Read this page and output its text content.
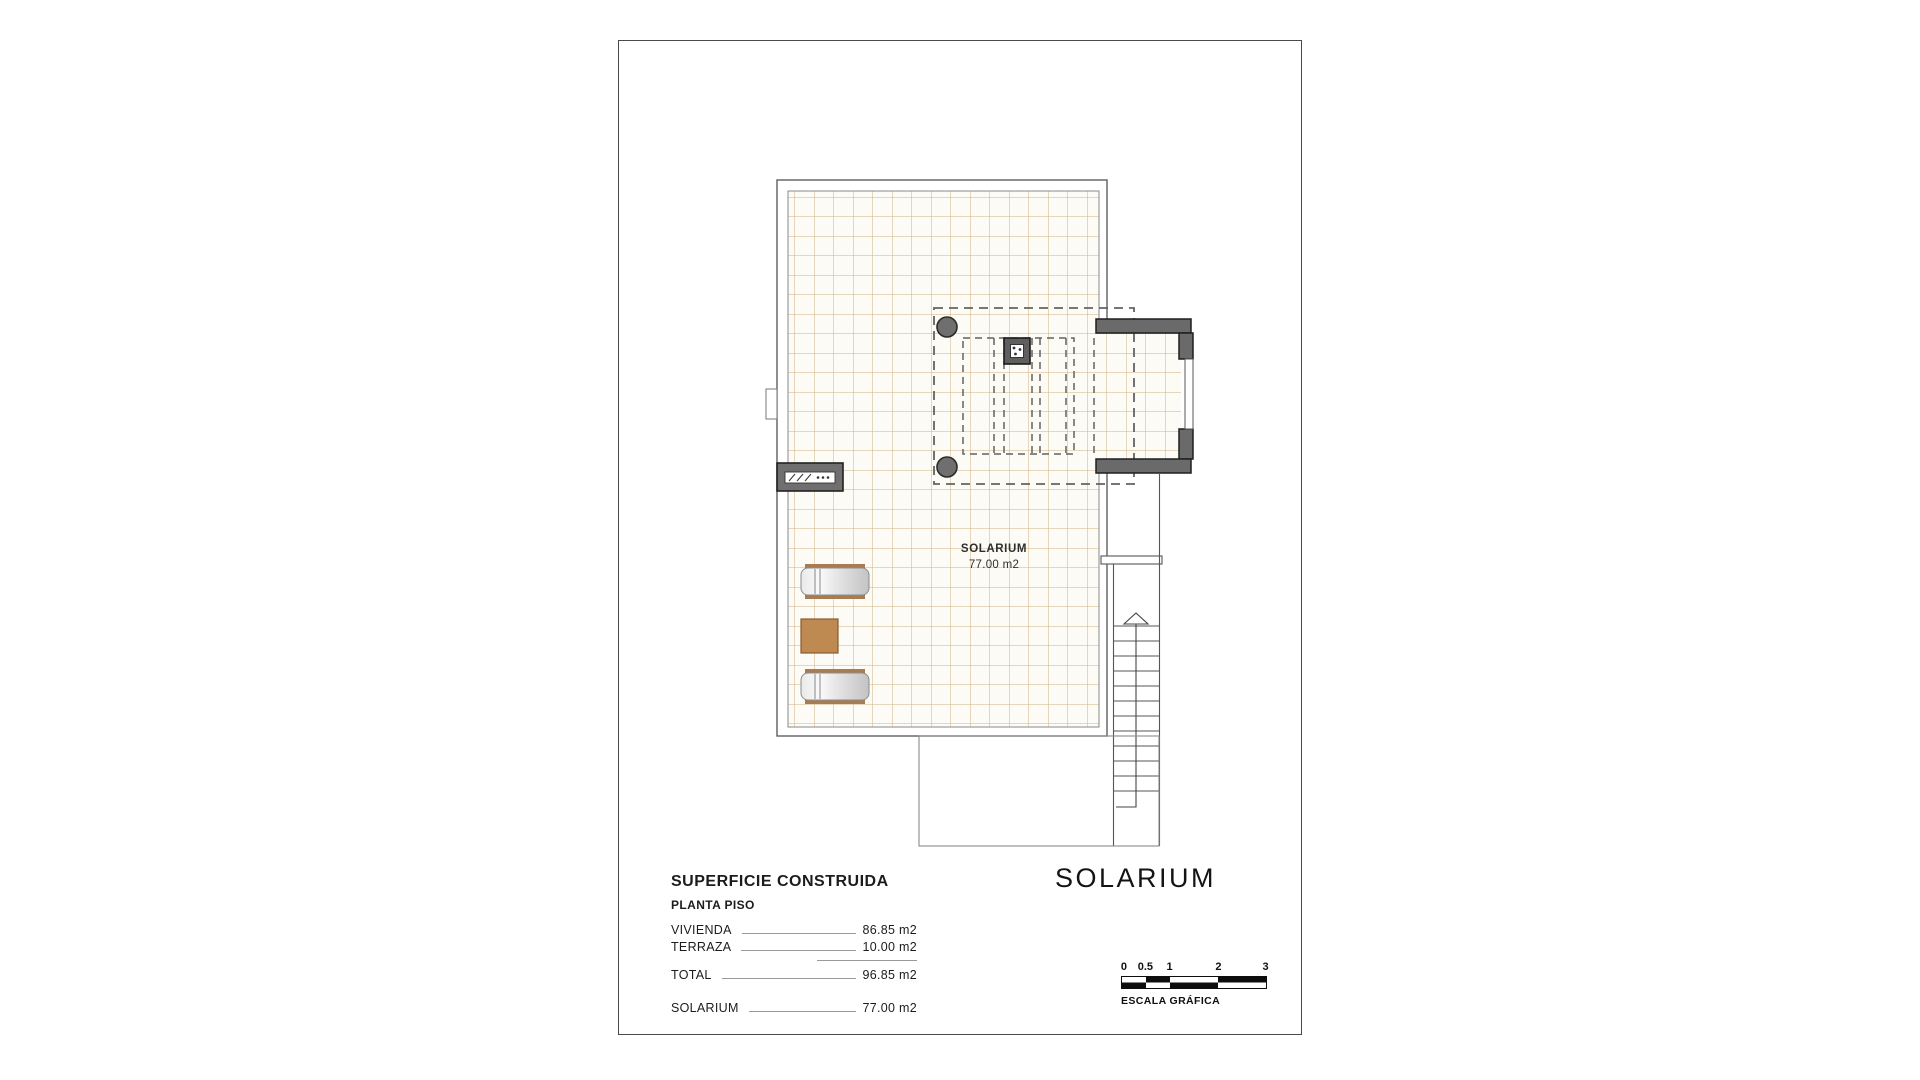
SOLARIUM
77.00 m2
SUPERFICIE CONSTRUIDA
PLANTA PISO
VIVIENDA	86.85 m2
TERRAZA	10.00 m2
TOTAL	96.85 m2
SOLARIUM	77.00 m2
SOLARIUM
0 0.5 1	2	3
ESCALA GRÁFICA
